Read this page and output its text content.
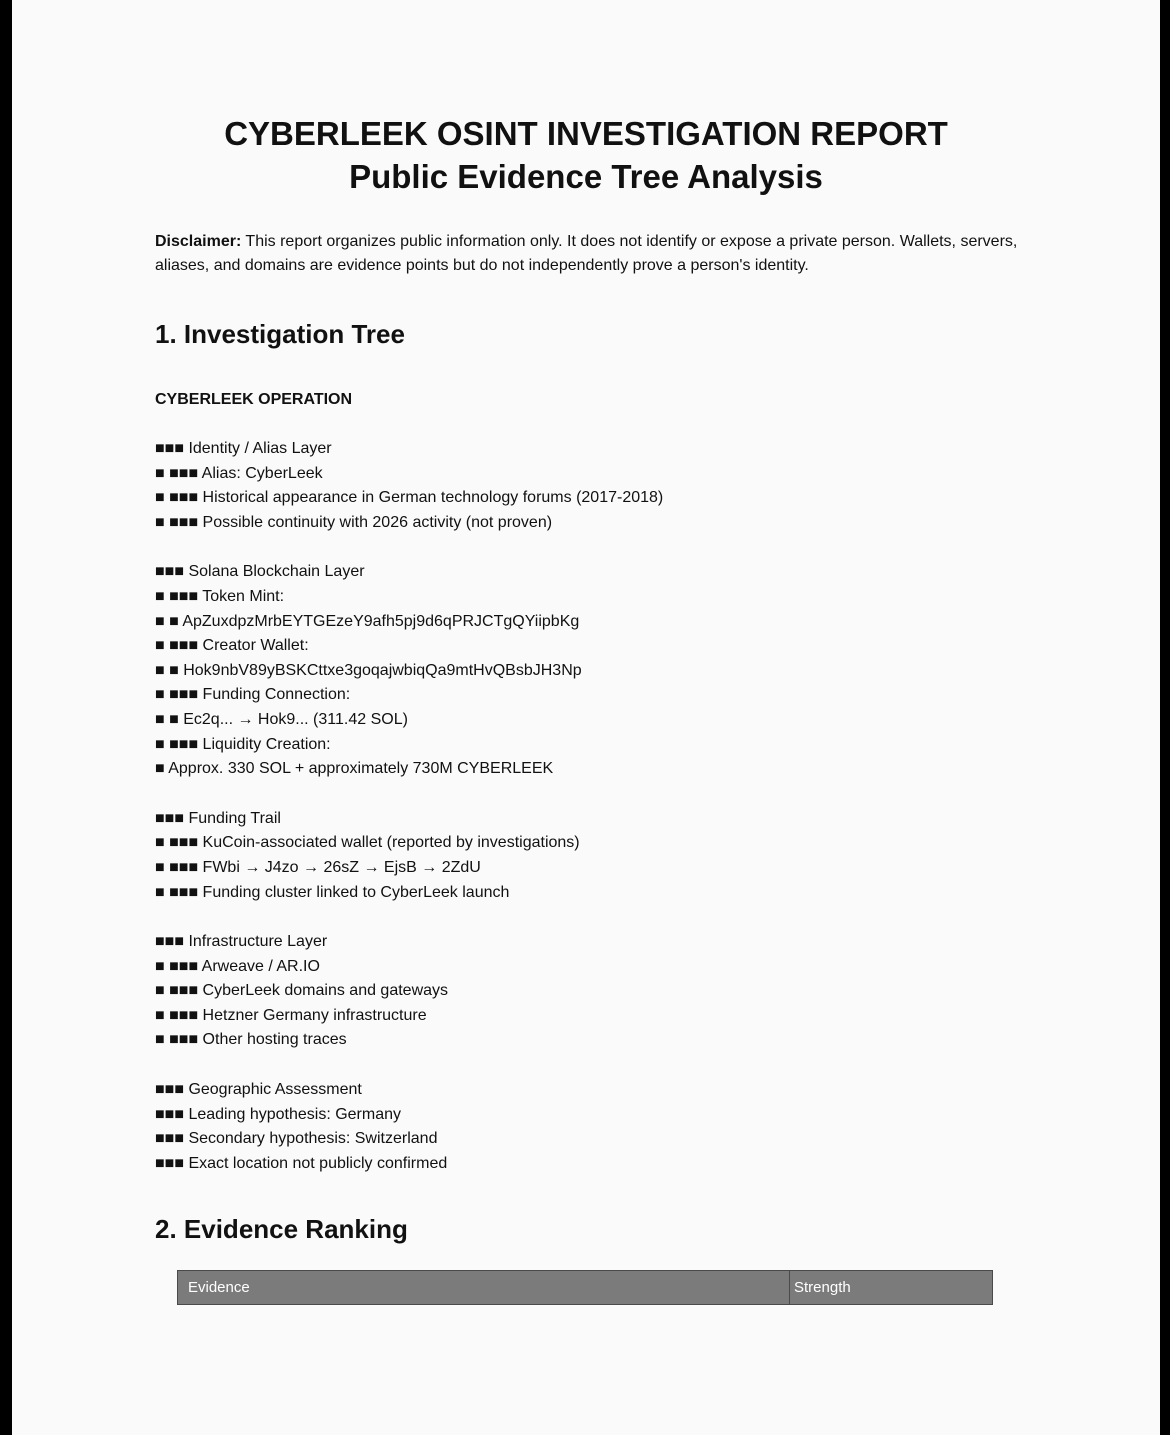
CYBERLEEK OSINT INVESTIGATION REPORT
Public Evidence Tree Analysis

Disclaimer: This report organizes public information only. It does not identify or expose a private person. Wallets, servers, aliases, and domains are evidence points but do not independently prove a person's identity.

1. Investigation Tree
CYBERLEEK OPERATION
■■■ Identity / Alias Layer
■ ■■■ Alias: CyberLeek
■ ■■■ Historical appearance in German technology forums (2017-2018)
■ ■■■ Possible continuity with 2026 activity (not proven)
■■■ Solana Blockchain Layer
■ ■■■ Token Mint:
■ ■ ApZuxdpzMrbEYTGEzeY9afh5pj9d6qPRJCTgQYiipbKg
■ ■■■ Creator Wallet:
■ ■ Hok9nbV89yBSKCttxe3goqajwbiqQa9mtHvQBsbJH3Np
■ ■■■ Funding Connection:
■ ■ Ec2q... → Hok9... (311.42 SOL)
■ ■■■ Liquidity Creation:
■ Approx. 330 SOL + approximately 730M CYBERLEEK
■■■ Funding Trail
■ ■■■ KuCoin-associated wallet (reported by investigations)
■ ■■■ FWbi → J4zo → 26sZ → EjsB → 2ZdU
■ ■■■ Funding cluster linked to CyberLeek launch
■■■ Infrastructure Layer
■ ■■■ Arweave / AR.IO
■ ■■■ CyberLeek domains and gateways
■ ■■■ Hetzner Germany infrastructure
■ ■■■ Other hosting traces
■■■ Geographic Assessment
■■■ Leading hypothesis: Germany
■■■ Secondary hypothesis: Switzerland
■■■ Exact location not publicly confirmed
2. Evidence Ranking
Evidence	Strength
